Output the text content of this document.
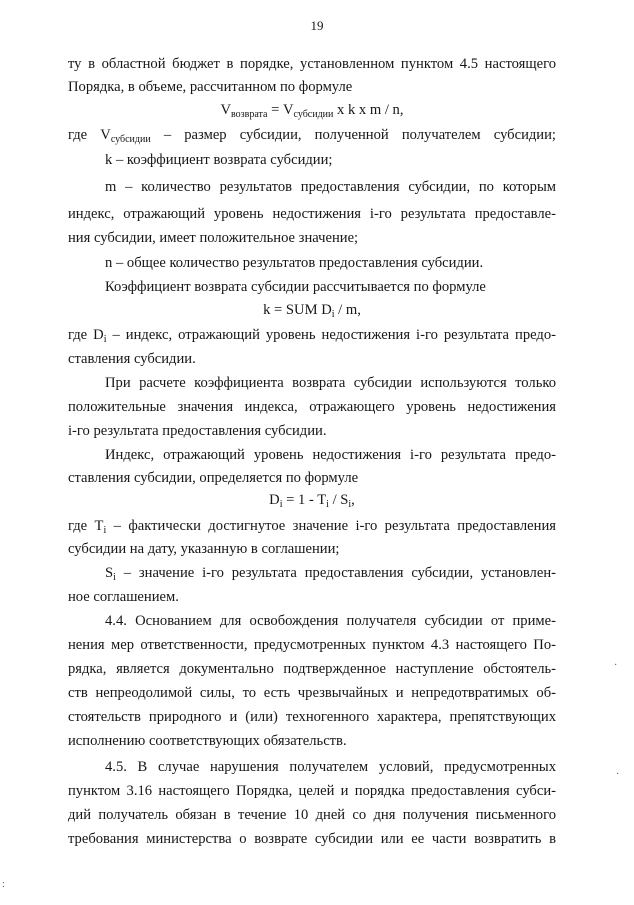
19
ту в областной бюджет в порядке, установленном пунктом 4.5 настоящего
Порядка, в объеме, рассчитанном по формуле
$V_{возврата} = V_{субсидии}$ x k x m / n,
где $V_{субсидии}$ – размер субсидии, полученной получателем субсидии;
k – коэффициент возврата субсидии;
m – количество результатов предоставления субсидии, по которым
индекс, отражающий уровень недостижения i-го результата предоставле-
ния субсидии, имеет положительное значение;
n – общее количество результатов предоставления субсидии.
Коэффициент возврата субсидии рассчитывается по формуле
k = SUM $D_i$ / m,
где $D_i$ – индекс, отражающий уровень недостижения i-го результата предо-
ставления субсидии.
При расчете коэффициента возврата субсидии используются только
положительные значения индекса, отражающего уровень недостижения
i-го результата предоставления субсидии.
Индекс, отражающий уровень недостижения i-го результата предо-
ставления субсидии, определяется по формуле
$D_i = 1 - T_i / S_i$,
где $T_i$ – фактически достигнутое значение i-го результата предоставления
субсидии на дату, указанную в соглашении;
$S_i$ – значение i-го результата предоставления субсидии, установлен-
ное соглашением.
4.4. Основанием для освобождения получателя субсидии от приме-
нения мер ответственности, предусмотренных пунктом 4.3 настоящего По-
рядка, является документально подтвержденное наступление обстоятель-
ств непреодолимой силы, то есть чрезвычайных и непредотвратимых об-
стоятельств природного и (или) техногенного характера, препятствующих
исполнению соответствующих обязательств.
4.5. В случае нарушения получателем условий, предусмотренных
пунктом 3.16 настоящего Порядка, целей и порядка предоставления субси-
дий получатель обязан в течение 10 дней со дня получения письменного
требования министерства о возврате субсидии или ее части возвратить в
·
·
:
